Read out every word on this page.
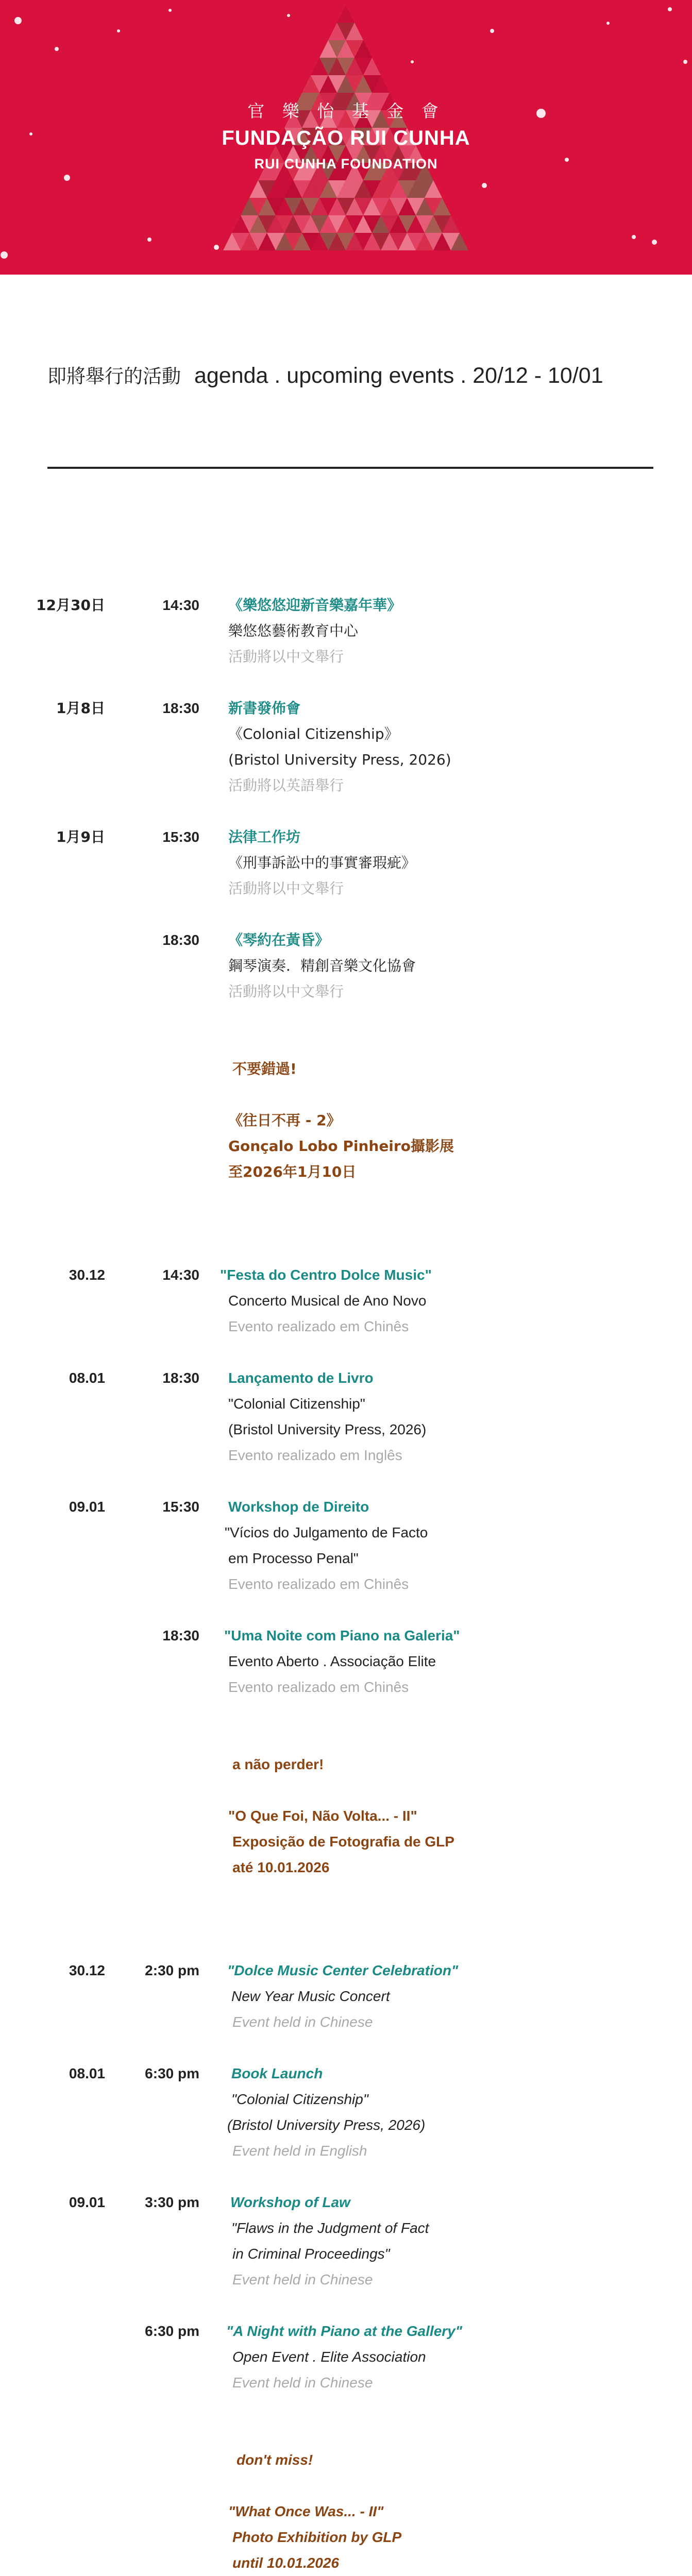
官 樂 怡 基 金 會
FUNDAÇÃO RUI CUNHA
RUI CUNHA FOUNDATION
即將舉行的活動 agenda . upcoming events . 20/12 - 10/01
12月30日	14:30 《樂悠悠迎新音樂嘉年華》
樂悠悠藝術教育中心
活動將以中文舉行
1月8日	18:30 新書發佈會
《Colonial Citizenship》
(Bristol University Press, 2026)
活動將以英語舉行
1月9日	15:30 法律工作坊
《刑事訴訟中的事實審瑕疵》
活動將以中文舉行
18:30 《琴約在黃昏》
鋼琴演奏．精創音樂文化協會
活動將以中文舉行
不要錯過!
《往日不再 - 2》
Gonçalo Lobo Pinheiro攝影展
至2026年1月10日
30.12	14:30 "Festa do Centro Dolce Music"
Concerto Musical de Ano Novo
Evento realizado em Chinês
08.01	18:30 Lançamento de Livro
"Colonial Citizenship"
(Bristol University Press, 2026)
Evento realizado em Inglês
09.01	15:30 Workshop de Direito
"Vícios do Julgamento de Facto
em Processo Penal"
Evento realizado em Chinês
18:30 "Uma Noite com Piano na Galeria"
Evento Aberto . Associação Elite
Evento realizado em Chinês
a não perder!
"O Que Foi, Não Volta... - II"
Exposição de Fotografia de GLP
até 10.01.2026
30.12	2:30 pm "Dolce Music Center Celebration"
New Year Music Concert
Event held in Chinese
08.01	6:30 pm Book Launch
"Colonial Citizenship"
(Bristol University Press, 2026)
Event held in English
09.01	3:30 pm Workshop of Law
"Flaws in the Judgment of Fact
in Criminal Proceedings"
Event held in Chinese
6:30 pm "A Night with Piano at the Gallery"
Open Event . Elite Association
Event held in Chinese
don't miss!
"What Once Was... - II"
Photo Exhibition by GLP
until 10.01.2026
